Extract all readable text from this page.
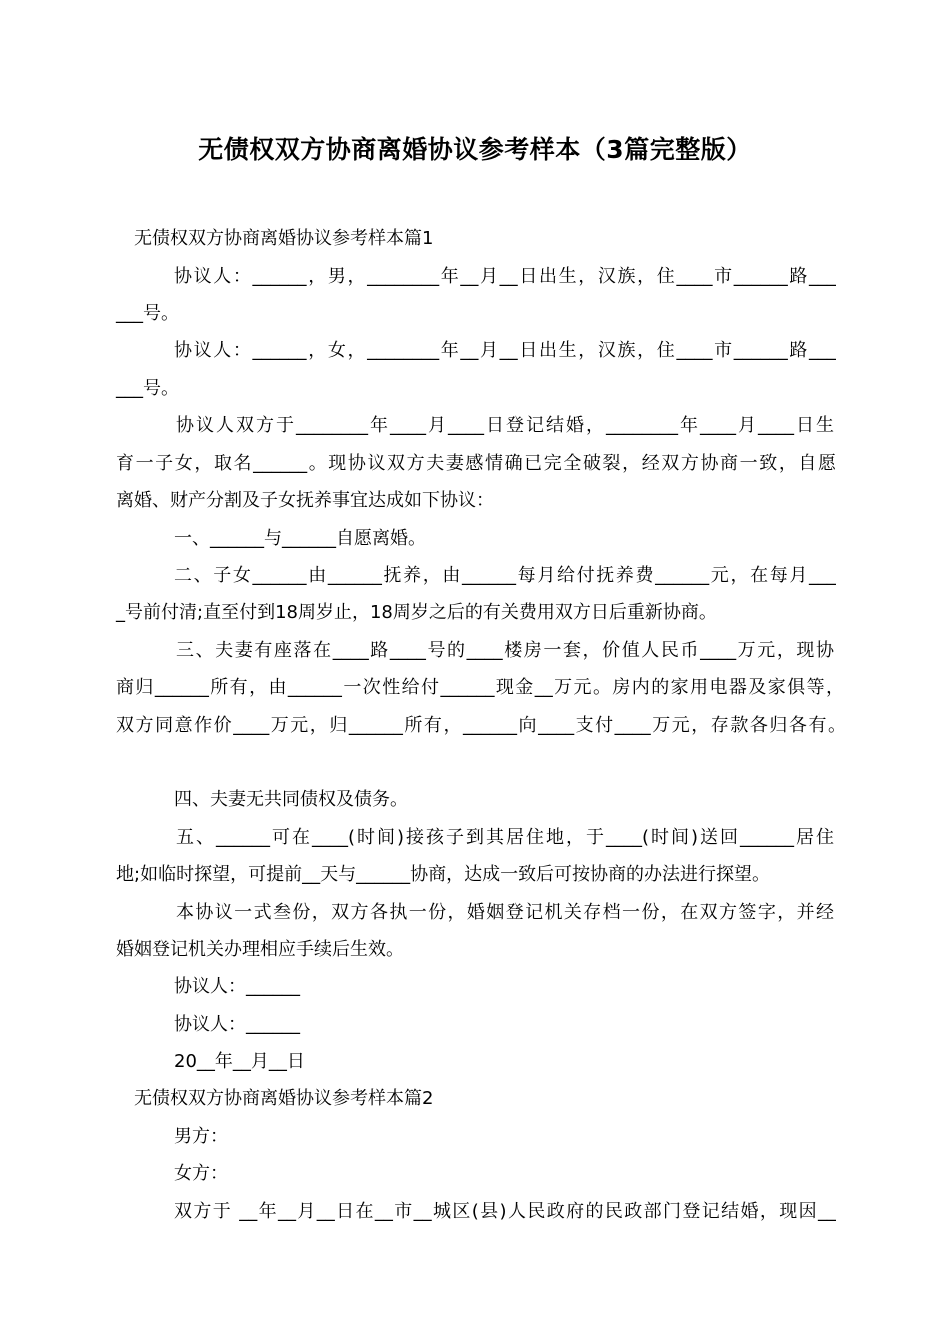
无债权双方协商离婚协议参考样本（3篇完整版）
无债权双方协商离婚协议参考样本篇1
协议人：______，男，________年__月__日出生，汉族，住____市______路___
___号。
协议人：______，女，________年__月__日出生，汉族，住____市______路___
___号。
协议人双方于________年____月____日登记结婚，________年____月____日生
育一子女，取名______。现协议双方夫妻感情确已完全破裂，经双方协商一致，自愿
离婚、财产分割及子女抚养事宜达成如下协议：
一、______与______自愿离婚。
二、子女______由______抚养，由______每月给付抚养费______元，在每月___
_号前付清;直至付到18周岁止，18周岁之后的有关费用双方日后重新协商。
三、夫妻有座落在____路____号的____楼房一套，价值人民币____万元，现协
商归______所有，由______一次性给付______现金__万元。房内的家用电器及家俱等，
双方同意作价____万元，归______所有，______向____支付____万元，存款各归各有。
四、夫妻无共同债权及债务。
五、______可在____(时间)接孩子到其居住地，于____(时间)送回______居住
地;如临时探望，可提前__天与______协商，达成一致后可按协商的办法进行探望。
本协议一式叁份，双方各执一份，婚姻登记机关存档一份，在双方签字，并经
婚姻登记机关办理相应手续后生效。
协议人：______
协议人：______
20__年__月__日
无债权双方协商离婚协议参考样本篇2
男方：
女方：
双方于 __年__月__日在__市__城区(县)人民政府的民政部门登记结婚，现因__
